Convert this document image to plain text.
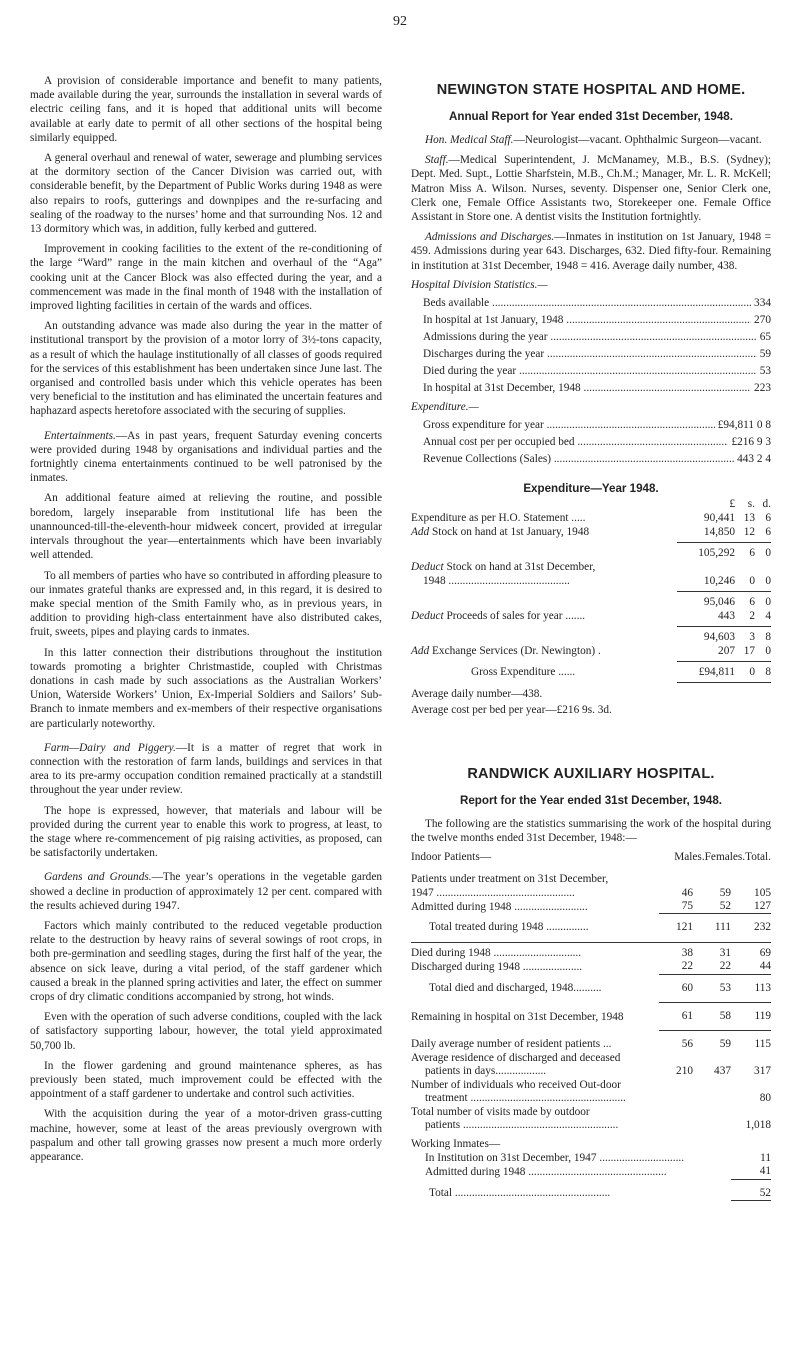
92

A provision of considerable importance and benefit to many patients, made available during the year, surrounds the installation in several wards of electric ceiling fans, and it is hoped that additional units will become available at early date to permit of all other sections of the hospital being similarly equipped.

A general overhaul and renewal of water, sewerage and plumbing services at the dormitory section of the Cancer Division was carried out, with considerable benefit, by the Department of Public Works during 1948 as were also repairs to roofs, gutterings and downpipes and the re-surfacing and sealing of the roadway to the nurses’ home and that surrounding Nos. 12 and 13 dormitory which was, in addition, fully kerbed and guttered.

Improvement in cooking facilities to the extent of the re-conditioning of the large “Ward” range in the main kitchen and overhaul of the “Aga” cooking unit at the Cancer Block was also effected during the year, and a commencement was made in the final month of 1948 with the installation of improved lighting facilities in certain of the wards and offices.

An outstanding advance was made also during the year in the matter of institutional transport by the provision of a motor lorry of 3½-tons capacity, as a result of which the haulage institutionally of all classes of goods required for the services of this establishment has been undertaken since June last. The organised and controlled basis under which this vehicle operates has been very beneficial to the institution and has eliminated the uncertain features and haphazard aspects heretofore associated with the securing of supplies.

Entertainments.—As in past years, frequent Saturday evening concerts were provided during 1948 by organisations and individual parties and the fortnightly cinema entertainments continued to be well patronised by the inmates.

An additional feature aimed at relieving the routine, and possible boredom, largely inseparable from institutional life has been the unannounced-till-the-eleventh-hour midweek concert, provided at irregular intervals throughout the year—entertainments which have been invariably well attended.

To all members of parties who have so contributed in affording pleasure to our inmates grateful thanks are expressed and, in this regard, it is desired to make special mention of the Smith Family who, as in previous years, in addition to providing high-class entertainment have also distributed cakes, fruit, sweets, pipes and playing cards to inmates.

In this latter connection their distributions throughout the institution towards promoting a brighter Christmastide, coupled with Christmas donations in cash made by such associations as the Australian Workers’ Union, Waterside Workers’ Union, Ex-Imperial Soldiers and Sailors’ Sub-Branch to inmate members and ex-members of their respective organisations are particularly noteworthy.

Farm—Dairy and Piggery.—It is a matter of regret that work in connection with the restoration of farm lands, buildings and services in that area to its pre-army occupation condition remained practically at a standstill throughout the year under review.

The hope is expressed, however, that materials and labour will be provided during the current year to enable this work to progress, at least, to the stage where re-commencement of pig raising activities, as proposed, can be satisfactorily undertaken.

Gardens and Grounds.—The year’s operations in the vegetable garden showed a decline in production of approximately 12 per cent. compared with the results achieved during 1947.

Factors which mainly contributed to the reduced vegetable production relate to the destruction by heavy rains of several sowings of root crops, in both pre-germination and seedling stages, during the first half of the year, the absence on sick leave, during a vital period, of the staff gardener which caused a break in the planned spring activities and later, the effect on summer crops of dry climatic conditions accompanied by strong, hot winds.

Even with the operation of such adverse conditions, coupled with the lack of satisfactory supporting labour, however, the total yield approximated 50,700 lb.

In the flower gardening and ground maintenance spheres, as has previously been stated, much improvement could be effected with the appointment of a staff gardener to undertake and control such activities.

With the acquisition during the year of a motor-driven grass-cutting machine, however, some at least of the areas previously overgrown with paspalum and other tall growing grasses now present a much more orderly appearance.

NEWINGTON STATE HOSPITAL AND HOME.
Annual Report for Year ended 31st December, 1948.

Hon. Medical Staff.—Neurologist—vacant. Ophthalmic Surgeon—vacant.

Staff.—Medical Superintendent, J. McManamey, M.B., B.S. (Sydney); Dept. Med. Supt., Lottie Sharfstein, M.B., Ch.M.; Manager, Mr. L. R. McKell; Matron Miss A. Wilson. Nurses, seventy. Dispenser one, Senior Clerk one, Clerk one, Female Office Assistants two, Storekeeper one. Female Office Assistant in Store one. A dentist visits the Institution fortnightly.

Admissions and Discharges.—Inmates in institution on 1st January, 1948 = 459. Admissions during year 643. Discharges, 632. Died fifty-four. Remaining in institution at 31st December, 1948 = 416. Average daily number, 438.

Hospital Division Statistics.—
Beds available .....	334
In hospital at 1st January, 1948 .....	270
Admissions during the year .....	65
Discharges during the year .....	59
Died during the year .....	53
In hospital at 31st December, 1948 .....	223
Expenditure.—
Gross expenditure for year .....	£94,811 0 8
Annual cost per per occupied bed .....	£216 9 3
Revenue Collections (Sales) .....	443 2 4
Expenditure—Year 1948.
£	s. d.
Expenditure as per H.O. Statement .....	90,441 13 6
Add Stock on hand at 1st January, 1948	14,850 12 6
105,292	6 0
Deduct Stock on hand at 31st December,
1948 ...........................................	10,246	0 0
95,046	6 0
Deduct Proceeds of sales for year .......	443	2 4
94,603	3 8
Add Exchange Services (Dr. Newington) .	207 17 0
Gross Expenditure ......	£94,811	0 8
Average daily number—438.
Average cost per bed per year—£216 9s. 3d.
RANDWICK AUXILIARY HOSPITAL.
Report for the Year ended 31st December, 1948.

The following are the statistics summarising the work of the hospital during the twelve months ended 31st December, 1948:—

Indoor Patients—	Males.Females.Total.
Patients under treatment on 31st December,			
1947 .................................................	46	59	105
Admitted during 1948 ..........................	75	52	127
Total treated during 1948 ...............	121	111	232
Died during 1948 ...............................	38	31	69
Discharged during 1948 .....................	22	22	44
Total died and discharged, 1948..........	60	53	113
Remaining in hospital on 31st December, 1948	61	58	119
Daily average number of resident patients ...	56	59	115
Average residence of discharged and deceased			
patients in days..................	210	437	317
Number of individuals who received Out-door			
treatment .......................................................			80
Total number of visits made by outdoor			
patients .......................................................			1,018
Working Inmates—			
In Institution on 31st December, 1947 ..............................			11
Admitted during 1948 .................................................			41
Total .......................................................			52
